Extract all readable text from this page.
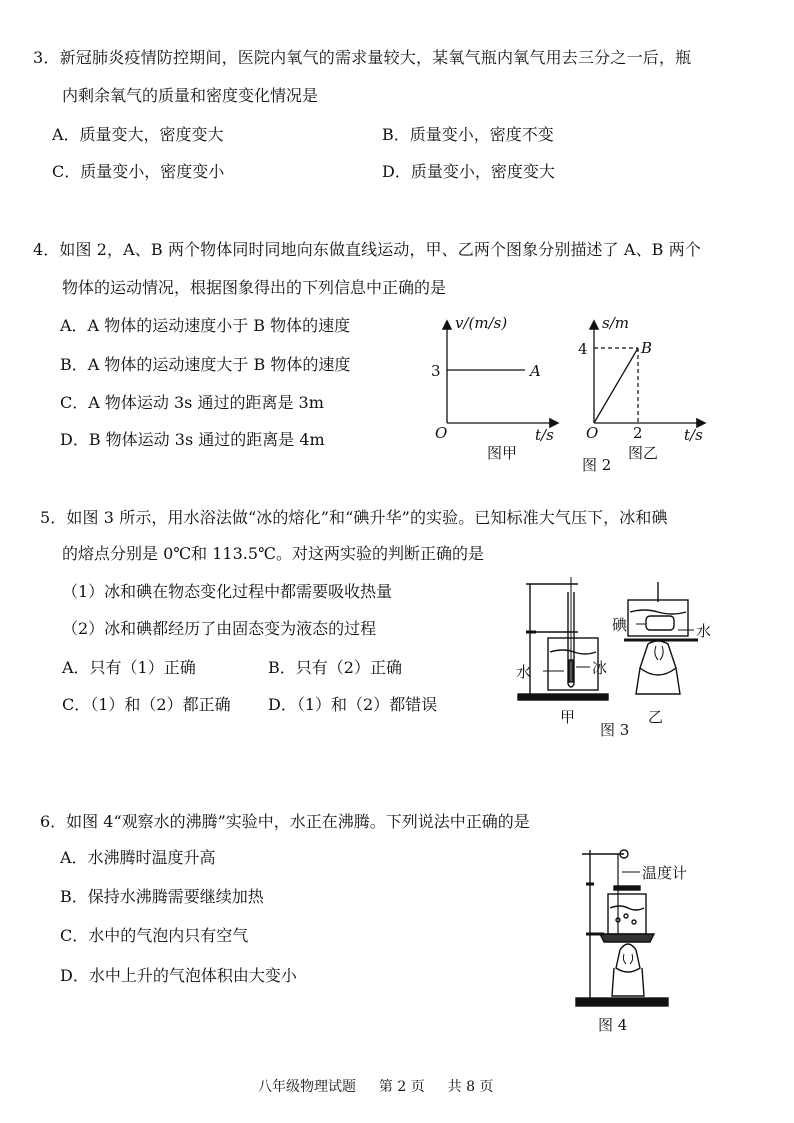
3．新冠肺炎疫情防控期间，医院内氧气的需求量较大，某氧气瓶内氧气用去三分之一后，瓶
内剩余氧气的质量和密度变化情况是
A．质量变大，密度变大	B．质量变小，密度不变
C．质量变小，密度变小	D．质量变小，密度变大
4．如图 2，A、B 两个物体同时同地向东做直线运动，甲、乙两个图象分别描述了 A、B 两个
物体的运动情况，根据图象得出的下列信息中正确的是
A．A 物体的运动速度小于 B 物体的速度
B．A 物体的运动速度大于 B 物体的速度
C．A 物体运动 3s 通过的距离是 3m
D．B 物体运动 3s 通过的距离是 4m
v/(m/s)
3	A
O	t/s
图甲
s/m
4	B
O 2	t/s
图乙
图 2
5．如图 3 所示，用水浴法做“冰的熔化”和“碘升华”的实验。已知标准大气压下，冰和碘
的熔点分别是 0℃和 113.5℃。对这两实验的判断正确的是
（1）冰和碘在物态变化过程中都需要吸收热量
（2）冰和碘都经历了由固态变为液态的过程
A．只有（1）正确	B．只有（2）正确
C．（1）和（2）都正确 D．（1）和（2）都错误
水	冰
甲
碘	水
乙
图 3
6．如图 4“观察水的沸腾”实验中，水正在沸腾。下列说法中正确的是
A．水沸腾时温度升高
B．保持水沸腾需要继续加热
C．水中的气泡内只有空气
D．水中上升的气泡体积由大变小
温度计
图 4
八年级物理试题 第 2 页 共 8 页
